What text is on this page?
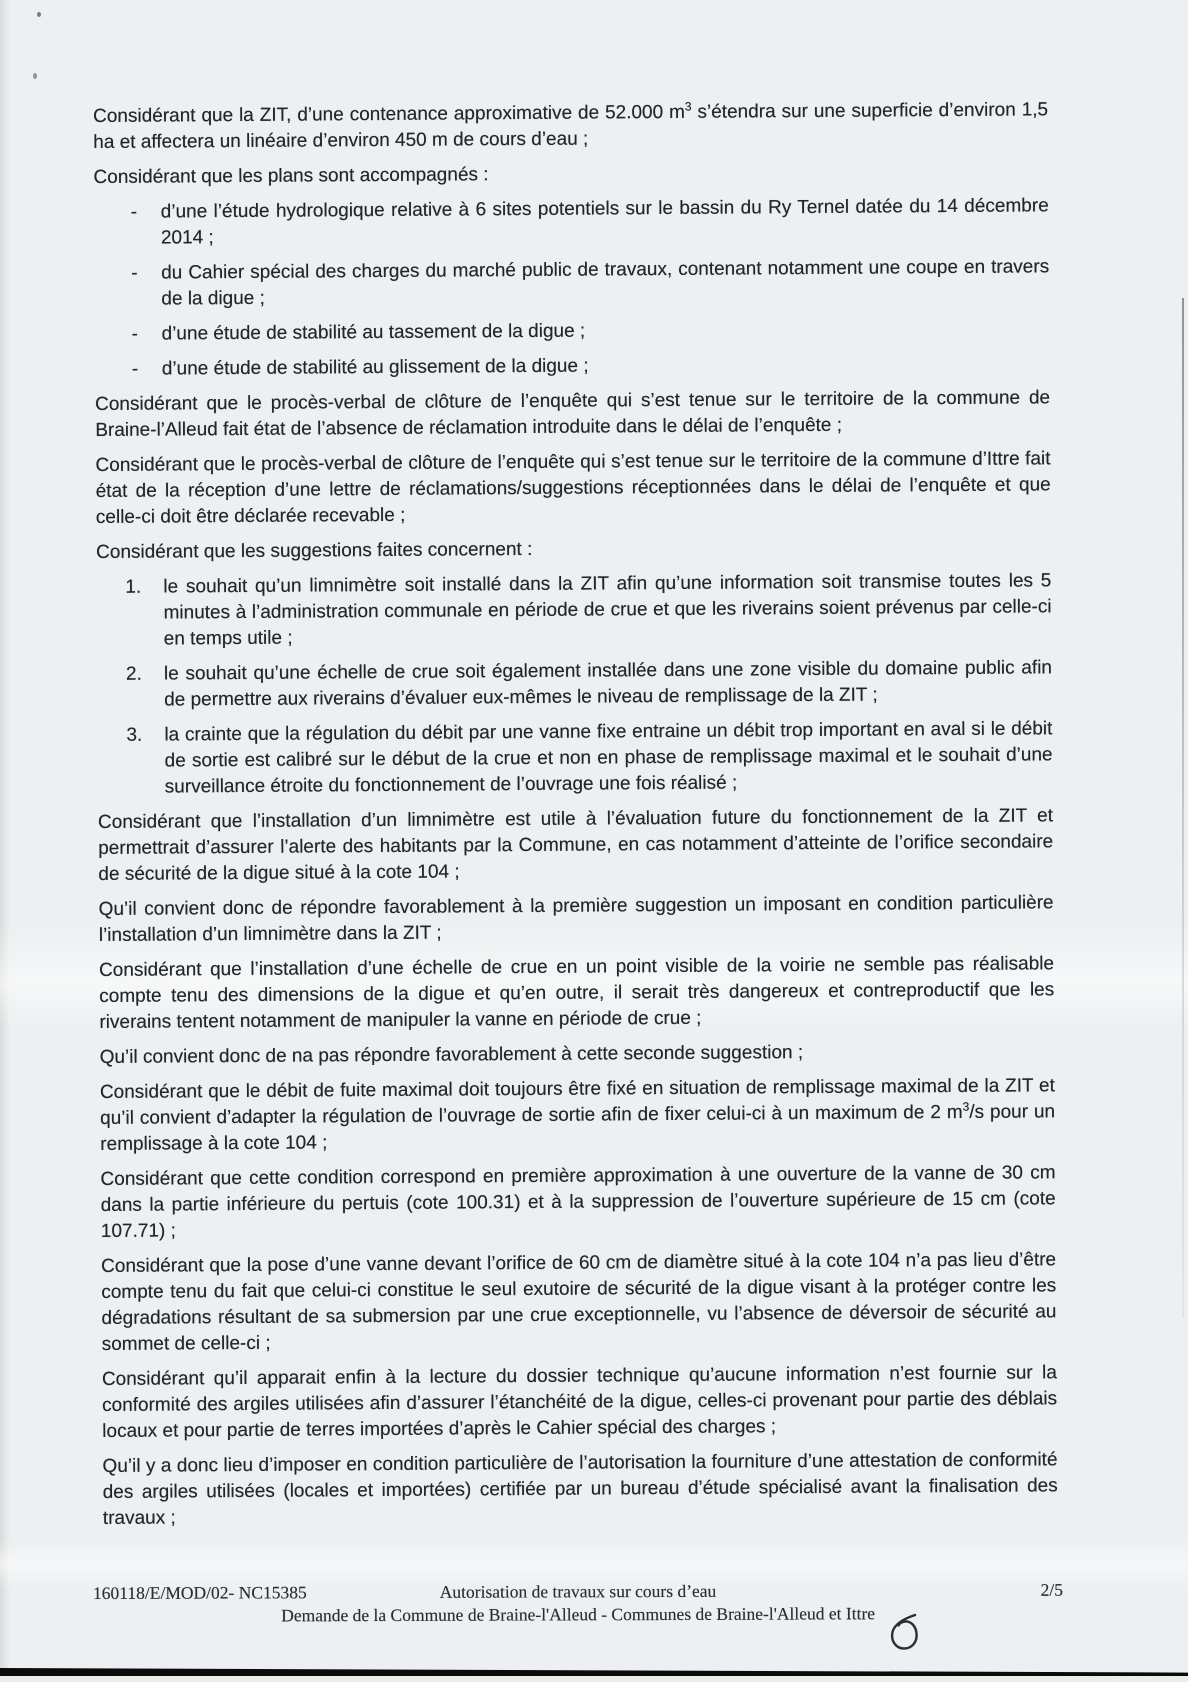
Considérant que la ZIT, d’une contenance approximative de 52.000 $m^3$ s’étendra sur une superficie d’environ 1,5 ha et affectera un linéaire d’environ 450 m de cours d’eau ;

Considérant que les plans sont accompagnés :

- d’une l’étude hydrologique relative à 6 sites potentiels sur le bassin du Ry Ternel datée du 14 décembre 2014 ;
- du Cahier spécial des charges du marché public de travaux, contenant notamment une coupe en travers de la digue ;
- d’une étude de stabilité au tassement de la digue ;
- d’une étude de stabilité au glissement de la digue ;

Considérant que le procès-verbal de clôture de l’enquête qui s’est tenue sur le territoire de la commune de Braine-l’Alleud fait état de l’absence de réclamation introduite dans le délai de l’enquête ;

Considérant que le procès-verbal de clôture de l’enquête qui s’est tenue sur le territoire de la commune d’Ittre fait état de la réception d’une lettre de réclamations/suggestions réceptionnées dans le délai de l’enquête et que celle-ci doit être déclarée recevable ;

Considérant que les suggestions faites concernent :

1. le souhait qu’un limnimètre soit installé dans la ZIT afin qu’une information soit transmise toutes les 5 minutes à l’administration communale en période de crue et que les riverains soient prévenus par celle-ci en temps utile ;
2. le souhait qu’une échelle de crue soit également installée dans une zone visible du domaine public afin de permettre aux riverains d’évaluer eux-mêmes le niveau de remplissage de la ZIT ;
3. la crainte que la régulation du débit par une vanne fixe entraine un débit trop important en aval si le débit de sortie est calibré sur le début de la crue et non en phase de remplissage maximal et le souhait d’une surveillance étroite du fonctionnement de l’ouvrage une fois réalisé ;

Considérant que l’installation d’un limnimètre est utile à l’évaluation future du fonctionnement de la ZIT et permettrait d’assurer l’alerte des habitants par la Commune, en cas notamment d’atteinte de l’orifice secondaire de sécurité de la digue situé à la cote 104 ;

Qu’il convient donc de répondre favorablement à la première suggestion un imposant en condition particulière l’installation d’un limnimètre dans la ZIT ;

Considérant que l’installation d’une échelle de crue en un point visible de la voirie ne semble pas réalisable compte tenu des dimensions de la digue et qu’en outre, il serait très dangereux et contreproductif que les riverains tentent notamment de manipuler la vanne en période de crue ;

Qu’il convient donc de na pas répondre favorablement à cette seconde suggestion ;

Considérant que le débit de fuite maximal doit toujours être fixé en situation de remplissage maximal de la ZIT et qu’il convient d’adapter la régulation de l’ouvrage de sortie afin de fixer celui-ci à un maximum de 2 $m^3/s$ pour un remplissage à la cote 104 ;

Considérant que cette condition correspond en première approximation à une ouverture de la vanne de 30 cm dans la partie inférieure du pertuis (cote 100.31) et à la suppression de l’ouverture supérieure de 15 cm (cote 107.71) ;

Considérant que la pose d’une vanne devant l’orifice de 60 cm de diamètre situé à la cote 104 n’a pas lieu d’être compte tenu du fait que celui-ci constitue le seul exutoire de sécurité de la digue visant à la protéger contre les dégradations résultant de sa submersion par une crue exceptionnelle, vu l’absence de déversoir de sécurité au sommet de celle-ci ;

Considérant qu’il apparait enfin à la lecture du dossier technique qu’aucune information n’est fournie sur la conformité des argiles utilisées afin d’assurer l’étanchéité de la digue, celles-ci provenant pour partie des déblais locaux et pour partie de terres importées d’après le Cahier spécial des charges ;

Qu’il y a donc lieu d’imposer en condition particulière de l’autorisation la fourniture d’une attestation de conformité des argiles utilisées (locales et importées) certifiée par un bureau d’étude spécialisé avant la finalisation des travaux ;

160118/E/MOD/02- NC15385	Autorisation de travaux sur cours d’eau	2/5
Demande de la Commune de Braine-l'Alleud - Communes de Braine-l'Alleud et Ittre
